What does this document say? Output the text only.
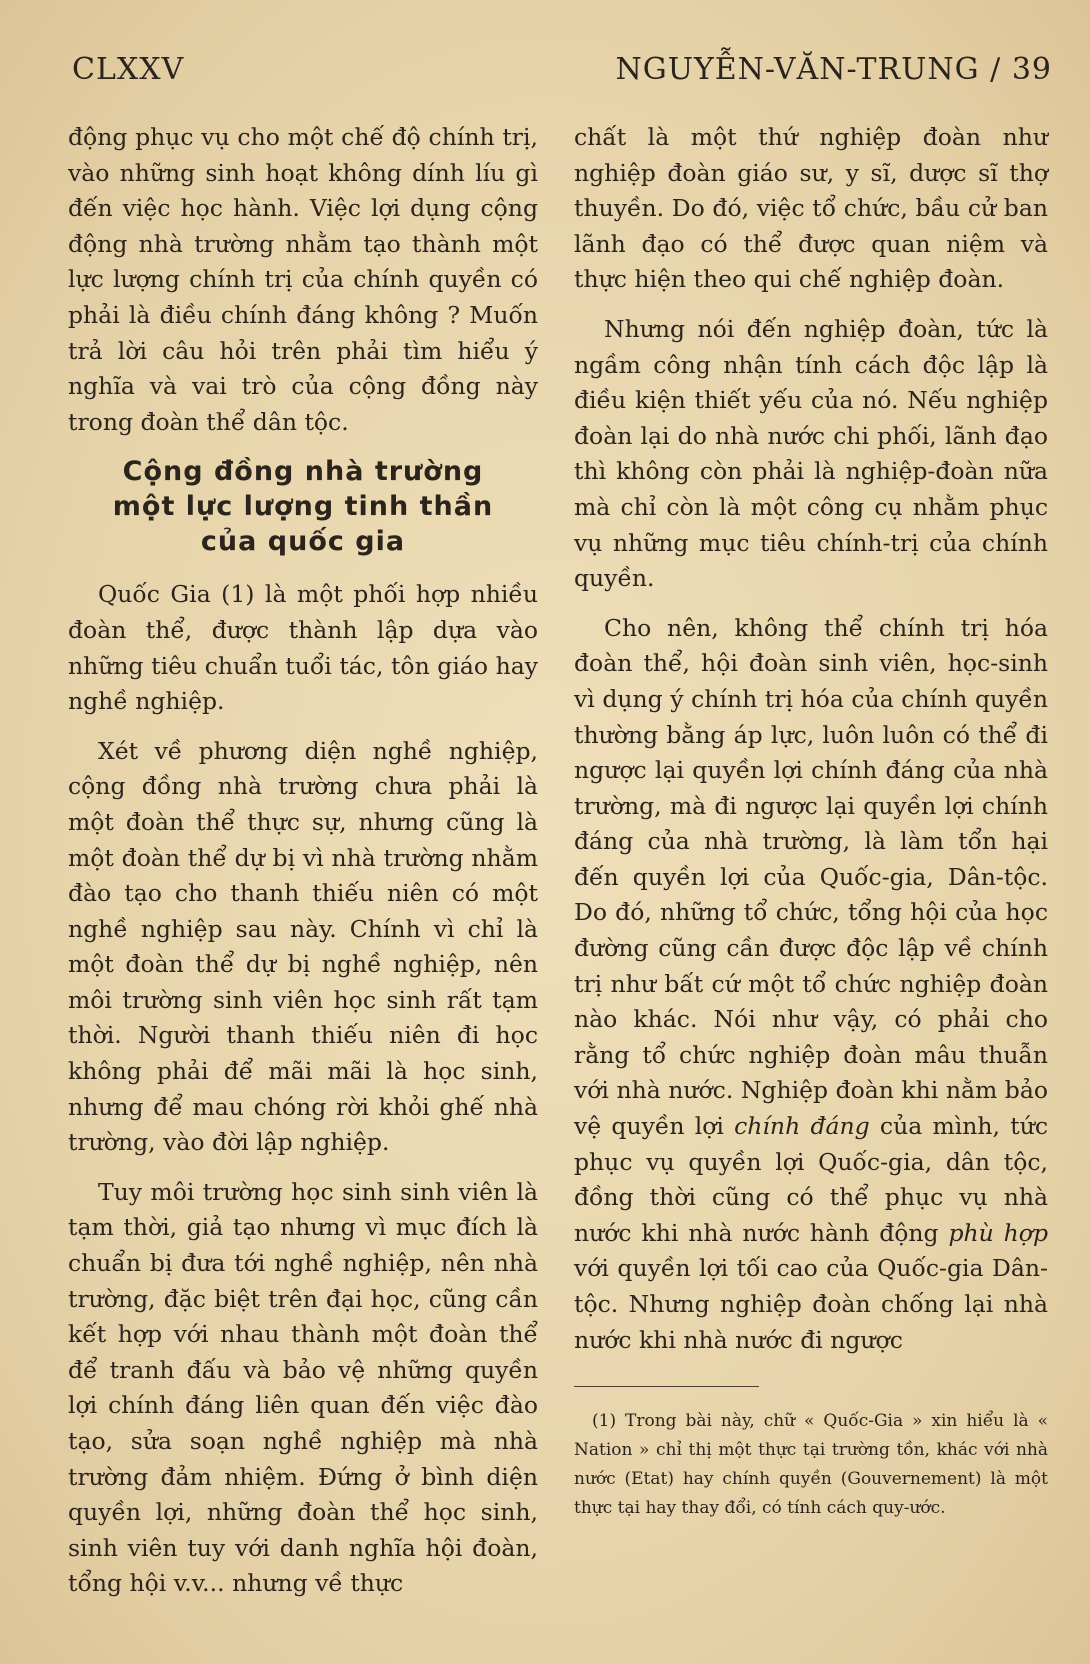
CLXXV	NGUYỄN-VĂN-TRUNG / 39

động phục vụ cho một chế độ chính trị, vào những sinh hoạt không dính líu gì đến việc học hành. Việc lợi dụng cộng động nhà trường nhằm tạo thành một lực lượng chính trị của chính quyền có phải là điều chính đáng không ? Muốn trả lời câu hỏi trên phải tìm hiểu ý nghĩa và vai trò của cộng đồng này trong đoàn thể dân tộc.

Cộng đồng nhà trường
một lực lượng tinh thần
của quốc gia

Quốc Gia (1) là một phối hợp nhiều đoàn thể, được thành lập dựa vào những tiêu chuẩn tuổi tác, tôn giáo hay nghề nghiệp.

Xét về phương diện nghề nghiệp, cộng đồng nhà trường chưa phải là một đoàn thể thực sự, nhưng cũng là một đoàn thể dự bị vì nhà trường nhằm đào tạo cho thanh thiếu niên có một nghề nghiệp sau này. Chính vì chỉ là một đoàn thể dự bị nghề nghiệp, nên môi trường sinh viên học sinh rất tạm thời. Người thanh thiếu niên đi học không phải để mãi mãi là học sinh, nhưng để mau chóng rời khỏi ghế nhà trường, vào đời lập nghiệp.

Tuy môi trường học sinh sinh viên là tạm thời, giả tạo nhưng vì mục đích là chuẩn bị đưa tới nghề nghiệp, nên nhà trường, đặc biệt trên đại học, cũng cần kết hợp với nhau thành một đoàn thể để tranh đấu và bảo vệ những quyền lợi chính đáng liên quan đến việc đào tạo, sửa soạn nghề nghiệp mà nhà trường đảm nhiệm. Đứng ở bình diện quyền lợi, những đoàn thể học sinh, sinh viên tuy với danh nghĩa hội đoàn, tổng hội v.v... nhưng về thực

chất là một thứ nghiệp đoàn như nghiệp đoàn giáo sư, y sĩ, dược sĩ thợ thuyền. Do đó, việc tổ chức, bầu cử ban lãnh đạo có thể được quan niệm và thực hiện theo qui chế nghiệp đoàn.

Nhưng nói đến nghiệp đoàn, tức là ngầm công nhận tính cách độc lập là điều kiện thiết yếu của nó. Nếu nghiệp đoàn lại do nhà nước chi phối, lãnh đạo thì không còn phải là nghiệp-đoàn nữa mà chỉ còn là một công cụ nhằm phục vụ những mục tiêu chính-trị của chính quyền.

Cho nên, không thể chính trị hóa đoàn thể, hội đoàn sinh viên, học-sinh vì dụng ý chính trị hóa của chính quyền thường bằng áp lực, luôn luôn có thể đi ngược lại quyền lợi chính đáng của nhà trường, mà đi ngược lại quyền lợi chính đáng của nhà trường, là làm tổn hại đến quyền lợi của Quốc-gia, Dân-tộc. Do đó, những tổ chức, tổng hội của học đường cũng cần được độc lập về chính trị như bất cứ một tổ chức nghiệp đoàn nào khác. Nói như vậy, có phải cho rằng tổ chức nghiệp đoàn mâu thuẫn với nhà nước. Nghiệp đoàn khi nằm bảo vệ quyền lợi chính đáng của mình, tức phục vụ quyền lợi Quốc-gia, dân tộc, đồng thời cũng có thể phục vụ nhà nước khi nhà nước hành động phù hợp với quyền lợi tối cao của Quốc-gia Dân-tộc. Nhưng nghiệp đoàn chống lại nhà nước khi nhà nước đi ngược

(1) Trong bài này, chữ « Quốc-Gia » xin hiểu là « Nation » chỉ thị một thực tại trường tồn, khác với nhà nước (Etat) hay chính quyền (Gouvernement) là một thực tại hay thay đổi, có tính cách quy-ước.
